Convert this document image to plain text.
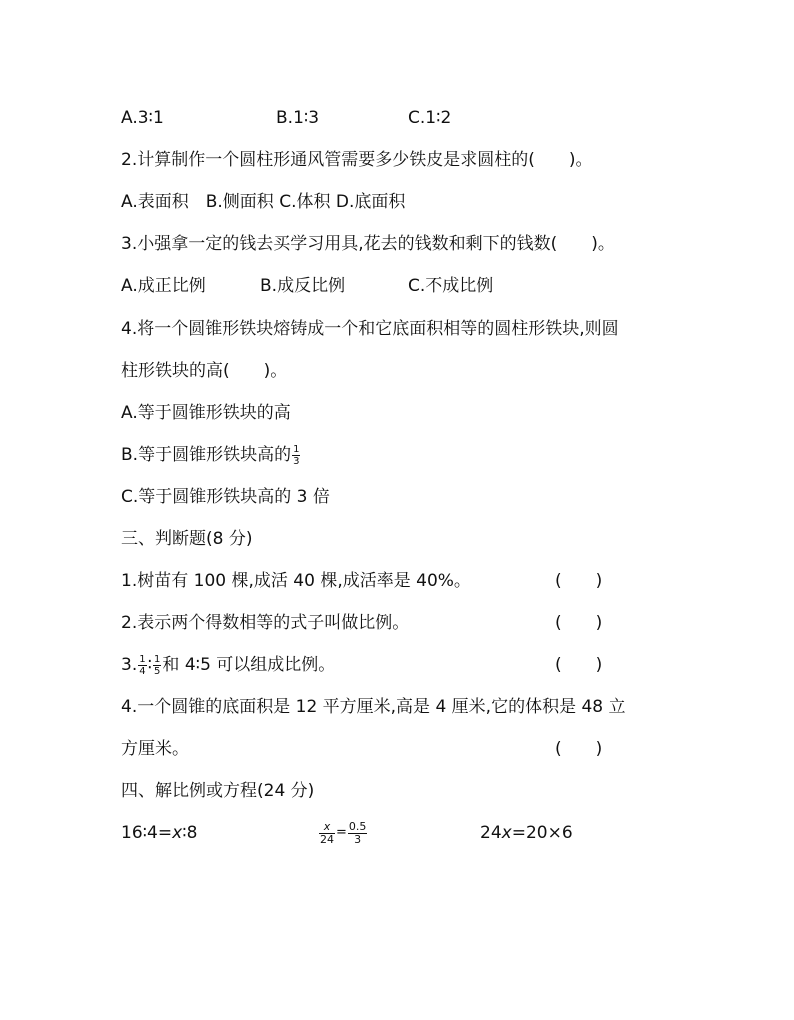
A.3∶1	B.1∶3	C.1∶2
2.计算制作一个圆柱形通风管需要多少铁皮是求圆柱的(　　)。
A.表面积　B.侧面积 C.体积 D.底面积
3.小强拿一定的钱去买学习用具,花去的钱数和剩下的钱数(　　)。
A.成正比例	B.成反比例	C.不成比例
4.将一个圆锥形铁块熔铸成一个和它底面积相等的圆柱形铁块,则圆
柱形铁块的高(　　)。
A.等于圆锥形铁块的高
B.等于圆锥形铁块高的 $\frac{1}{3}$
C.等于圆锥形铁块高的 3 倍
三、判断题(8 分)
1.树苗有 100 棵,成活 40 棵,成活率是 40%。	(　　)
2.表示两个得数相等的式子叫做比例。	(　　)
3. $\frac{1}{4}$ ∶ $\frac{1}{5}$ 和 4∶5 可以组成比例。	(　　)
4.一个圆锥的底面积是 12 平方厘米,高是 4 厘米,它的体积是 48 立
方厘米。	(　　)
四、解比例或方程(24 分)
16∶4=x∶8	$\frac{x}{24} = \frac{0.5}{3}$	24x=20×6
